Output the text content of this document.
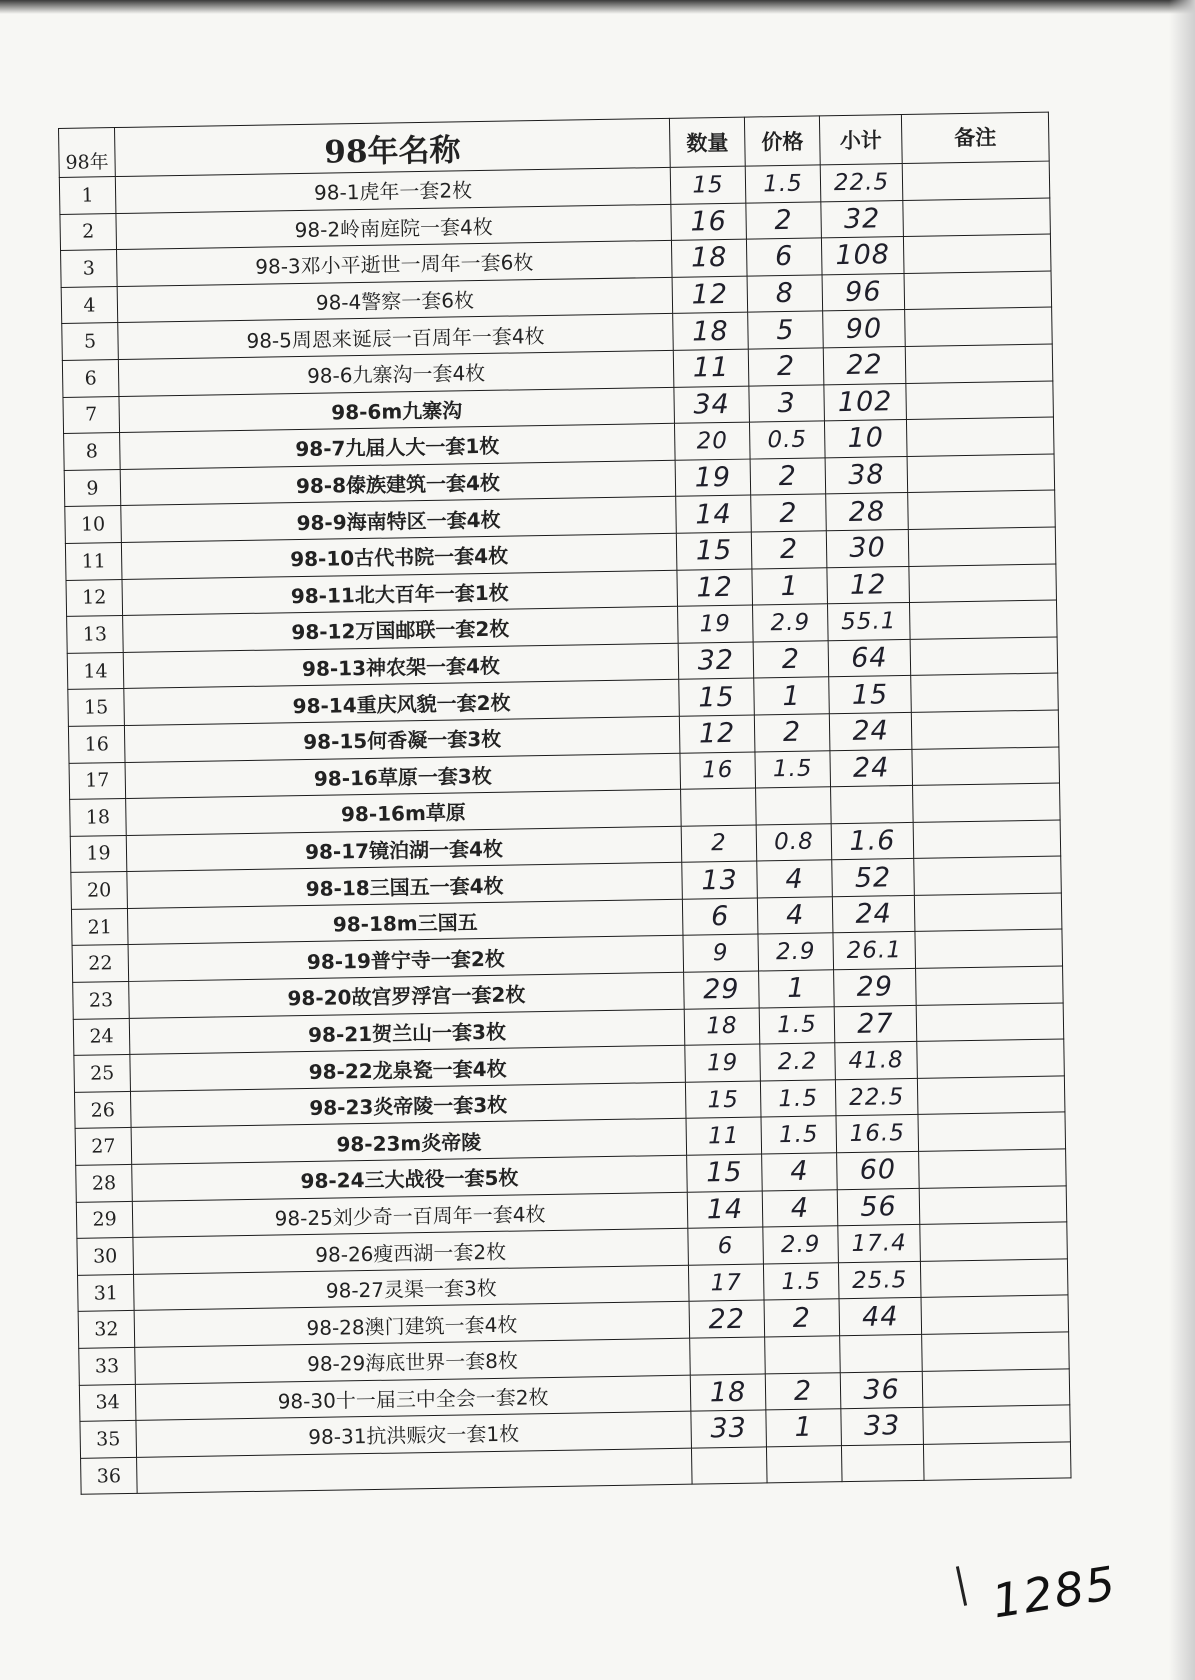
98年	98年名称	数量	价格	小计	备注
1	98-1虎年一套2枚	15	1.5	22.5	
2	98-2岭南庭院一套4枚	16	2	32	
3	98-3邓小平逝世一周年一套6枚	18	6	108	
4	98-4警察一套6枚	12	8	96	
5	98-5周恩来诞辰一百周年一套4枚	18	5	90	
6	98-6九寨沟一套4枚	11	2	22	
7	98-6m九寨沟	34	3	102	
8	98-7九届人大一套1枚	20	0.5	10	
9	98-8傣族建筑一套4枚	19	2	38	
10	98-9海南特区一套4枚	14	2	28	
11	98-10古代书院一套4枚	15	2	30	
12	98-11北大百年一套1枚	12	1	12	
13	98-12万国邮联一套2枚	19	2.9	55.1	
14	98-13神农架一套4枚	32	2	64	
15	98-14重庆风貌一套2枚	15	1	15	
16	98-15何香凝一套3枚	12	2	24	
17	98-16草原一套3枚	16	1.5	24	
18	98-16m草原				
19	98-17镜泊湖一套4枚	2	0.8	1.6	
20	98-18三国五一套4枚	13	4	52	
21	98-18m三国五	6	4	24	
22	98-19普宁寺一套2枚	9	2.9	26.1	
23	98-20故宫罗浮宫一套2枚	29	1	29	
24	98-21贺兰山一套3枚	18	1.5	27	
25	98-22龙泉瓷一套4枚	19	2.2	41.8	
26	98-23炎帝陵一套3枚	15	1.5	22.5	
27	98-23m炎帝陵	11	1.5	16.5	
28	98-24三大战役一套5枚	15	4	60	
29	98-25刘少奇一百周年一套4枚	14	4	56	
30	98-26瘦西湖一套2枚	6	2.9	17.4	
31	98-27灵渠一套3枚	17	1.5	25.5	
32	98-28澳门建筑一套4枚	22	2	44	
33	98-29海底世界一套8枚				
34	98-30十一届三中全会一套2枚	18	2	36	
35	98-31抗洪赈灾一套1枚	33	1	33	
36					
1285
